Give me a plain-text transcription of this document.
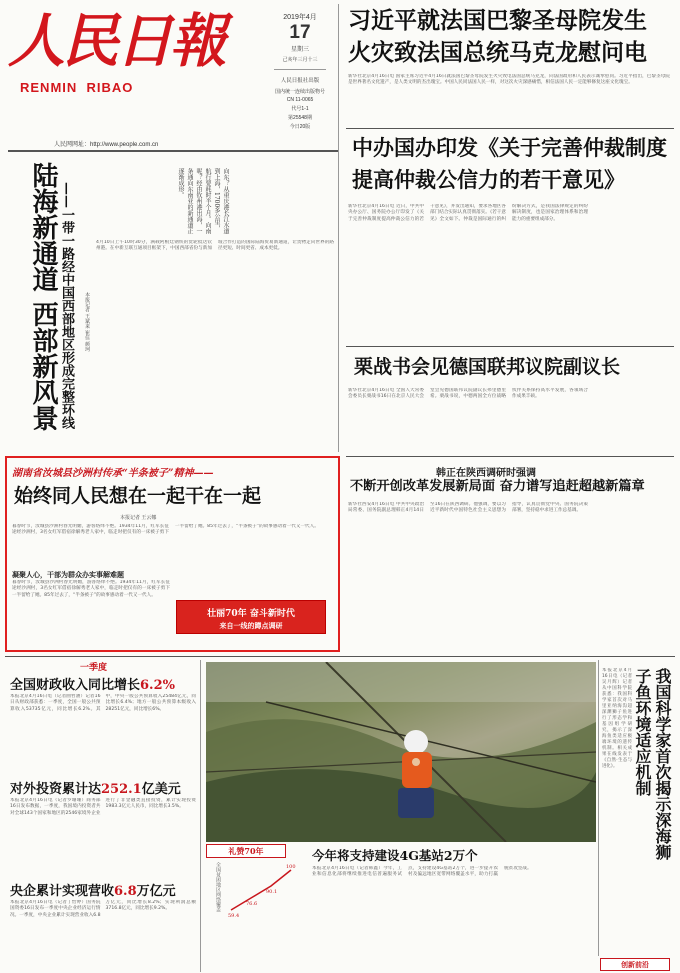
人民日報
RENMIN  RIBAO
人民网网址：http://www.people.com.cn
2019年4月
17
星期三
己亥年三月十三
人民日报社出版
国内统一连续出版物号
CN 11-0065
代号1-1
第25548期
今日20版
习近平就法国巴黎圣母院发生
火灾致法国总统马克龙慰问电
新华社北京4月16日电 国家主席习近平4月16日就法国巴黎圣母院发生火灾致电法国总统马克龙，向法国政府和人民表示诚挚慰问。习近平指出，巴黎圣母院是世界著名文化遗产，是人类文明的杰出瑰宝。中国人民同法国人民一样，对这次火灾深感痛惜，相信法国人民一定能够修复这座文化瑰宝。
中办国办印发《关于完善仲裁制度
提高仲裁公信力的若干意见》
新华社北京4月16日电 近日，中共中央办公厅、国务院办公厅印发了《关于完善仲裁制度提高仲裁公信力的若干意见》，并发出通知，要求各地区各部门结合实际认真贯彻落实。《若干意见》全文如下。仲裁是国际通行的纠纷解决方式，是我国法律规定的纠纷解决制度，也是国家治理体系和治理能力的重要组成部分。
陆海新通道 西部新风景 ——一带一路经中国西部地区形成完整环线	向东？从重庆港长江水道到上海，1700多公里，航行要耗时半个月。向南呢？经由钦州港出海，一条通向东南亚的新通道正逐渐成形。
本报记者 王斌来 崔佳 颜珂
4月10日上午10时30分，满载阿根廷钢铁的货轮抵达钦州港。在中新互联互通项目框架下，中国西部省份与新加坡合作打造的国际陆海贸易新通道，让货物走向世界的路径更短、时间更省、成本更低。
栗战书会见德国联邦议院副议长
新华社北京4月16日电 全国人大常委会委员长栗战书16日在北京人民大会堂会见德国联邦议院副议长弗里德里希。栗战书说，中德两国全方位战略伙伴关系保持高水平发展，各领域合作成果丰硕。
湖南省汝城县沙洲村传承“半条被子”精神——
始终同人民想在一起干在一起
本报记者 王云娜
暮春时节，汝城县沙洲村春光明媚，游客络绎不绝。1934年11月，红军长征途经沙洲村，3名女红军借宿徐解秀老人家中，临走时把仅有的一床被子剪下一半留给了她。85年过去了，“半条被子”的故事感动着一代又一代人。
凝聚人心，干部为群众办实事解难题
暮春时节，汝城县沙洲村春光明媚，游客络绎不绝。1934年11月，红军长征途经沙洲村，3名女红军借宿徐解秀老人家中，临走时把仅有的一床被子剪下一半留给了她。85年过去了，“半条被子”的故事感动着一代又一代人。
壮丽70年 奋斗新时代
来自一线的蹲点调研
韩正在陕西调研时强调
不断开创改革发展新局面 奋力谱写追赶超越新篇章
新华社西安4月16日电 中共中央政治局常委、国务院副总理韩正4月14日至16日在陕西调研。他强调，要以习近平新时代中国特色社会主义思想为指导，认真贯彻党中央、国务院决策部署，坚持稳中求进工作总基调。
一季度
全国财政收入同比增长6.2%
本报北京4月16日电（记者曲哲涵）记者16日从财政部获悉：一季度，全国一般公共预算收入53735亿元，同比增长6.2%。其中，中央一般公共预算收入25484亿元，同比增长6.4%；地方一般公共预算本级收入28251亿元，同比增长6%。
对外投资累计达252.1亿美元
本报北京4月16日电（记者罗珊珊）商务部16日发布数据，一季度，我国境内投资者共对全球143个国家和地区的2546家境外企业进行了非金融类直接投资，累计实现投资1983.3亿元人民币，同比增长3.5%。
央企累计实现营收6.8万亿元
本报北京4月16日电（记者丁怡婷）国务院国资委16日发布一季度中央企业经济运行情况。一季度，中央企业累计实现营业收入6.8万亿元，同比增长8.2%；实现利润总额3716.8亿元，同比增长9.2%。
礼赞70年
全国贫困地区网络覆盖
59.4
76.6
90.1
100
今年将支持建设4G基站2万个
本报北京4月16日电（记者韩鑫）今年，工业和信息化部将继续推进电信普遍服务试点，支持建设4G基站2万个，进一步提升农村及偏远地区宽带网络覆盖水平，助力打赢脱贫攻坚战。
创新前沿
我国科学家首次揭示深海狮子鱼环境适应机制
本报北京4月16日电（记者吴月辉）记者从中国科学院获悉：我国科学家首次对马里亚纳海沟超深渊狮子鱼进行了形态学和基因组学研究，揭示了深海鱼类适应极端环境的遗传机制。相关成果在线发表于《自然·生态与进化》。
